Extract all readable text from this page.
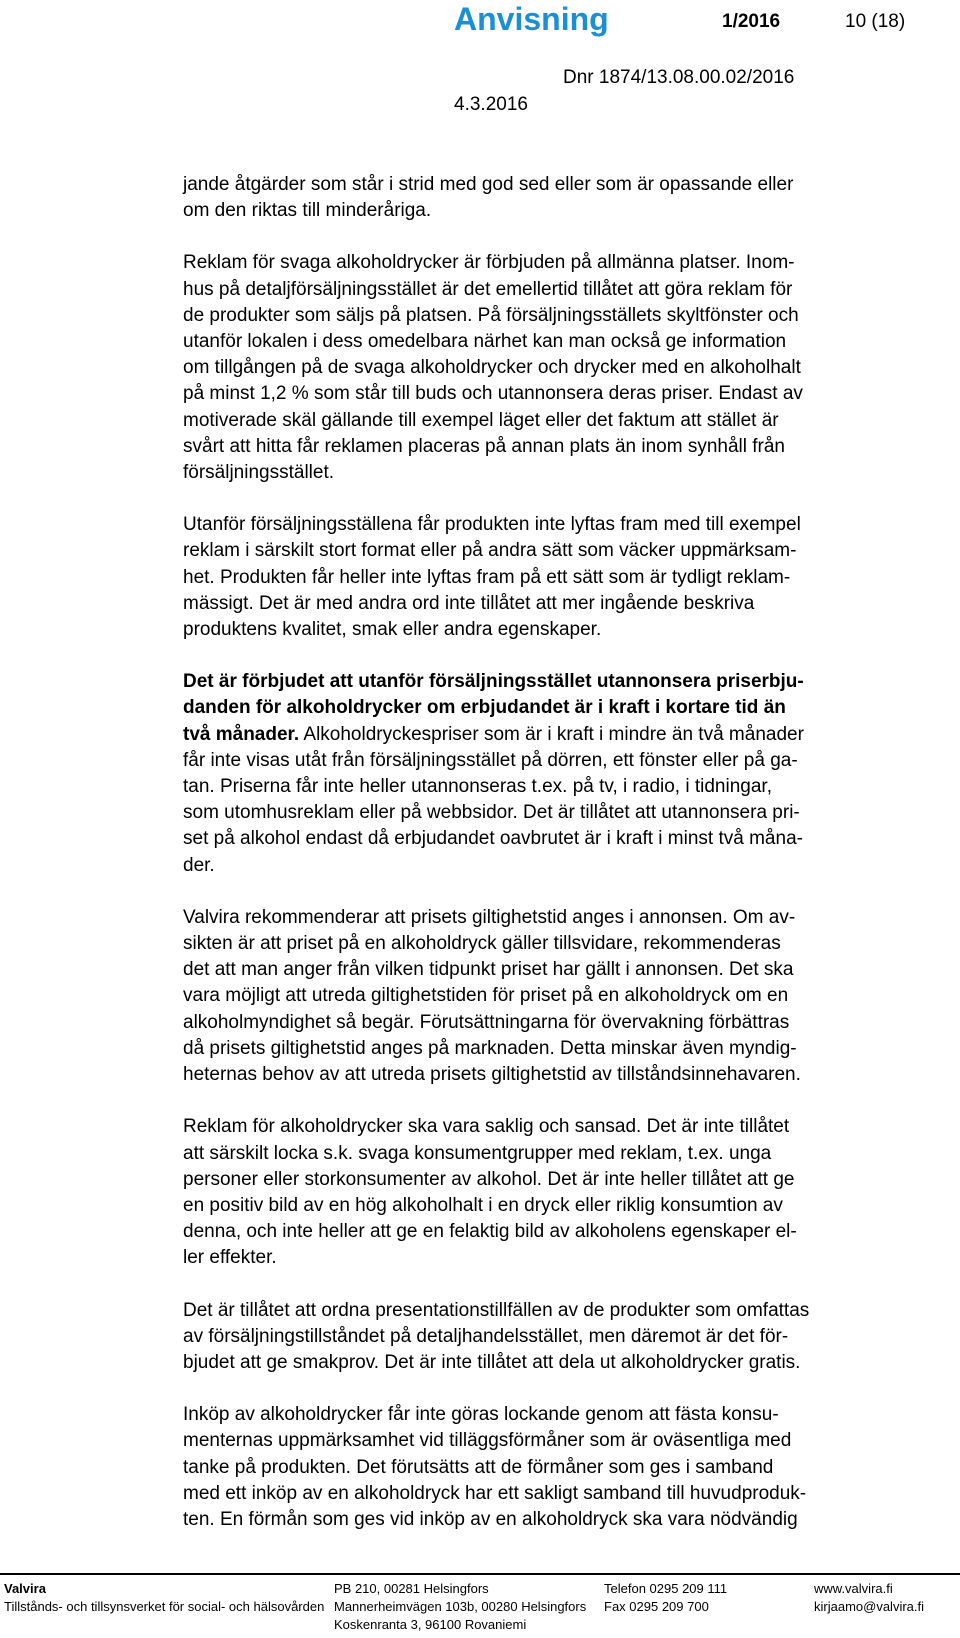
Anvisning	1/2016	10 (18)
Dnr 1874/13.08.00.02/2016
4.3.2016

jande åtgärder som står i strid med god sed eller som är opassande eller
om den riktas till minderåriga.

Reklam för svaga alkoholdrycker är förbjuden på allmänna platser. Inom-
hus på detaljförsäljningsstället är det emellertid tillåtet att göra reklam för
de produkter som säljs på platsen. På försäljningsställets skyltfönster och
utanför lokalen i dess omedelbara närhet kan man också ge information
om tillgången på de svaga alkoholdrycker och drycker med en alkoholhalt
på minst 1,2 % som står till buds och utannonsera deras priser. Endast av
motiverade skäl gällande till exempel läget eller det faktum att stället är
svårt att hitta får reklamen placeras på annan plats än inom synhåll från
försäljningsstället.

Utanför försäljningsställena får produkten inte lyftas fram med till exempel
reklam i särskilt stort format eller på andra sätt som väcker uppmärksam-
het. Produkten får heller inte lyftas fram på ett sätt som är tydligt reklam-
mässigt. Det är med andra ord inte tillåtet att mer ingående beskriva
produktens kvalitet, smak eller andra egenskaper.

Det är förbjudet att utanför försäljningsstället utannonsera priserbju-
danden för alkoholdrycker om erbjudandet är i kraft i kortare tid än
två månader. Alkoholdryckespriser som är i kraft i mindre än två månader
får inte visas utåt från försäljningsstället på dörren, ett fönster eller på ga-
tan. Priserna får inte heller utannonseras t.ex. på tv, i radio, i tidningar,
som utomhusreklam eller på webbsidor. Det är tillåtet att utannonsera pri-
set på alkohol endast då erbjudandet oavbrutet är i kraft i minst två måna-
der.

Valvira rekommenderar att prisets giltighetstid anges i annonsen. Om av-
sikten är att priset på en alkoholdryck gäller tillsvidare, rekommenderas
det att man anger från vilken tidpunkt priset har gällt i annonsen. Det ska
vara möjligt att utreda giltighetstiden för priset på en alkoholdryck om en
alkoholmyndighet så begär. Förutsättningarna för övervakning förbättras
då prisets giltighetstid anges på marknaden. Detta minskar även myndig-
heternas behov av att utreda prisets giltighetstid av tillståndsinnehavaren.

Reklam för alkoholdrycker ska vara saklig och sansad. Det är inte tillåtet
att särskilt locka s.k. svaga konsumentgrupper med reklam, t.ex. unga
personer eller storkonsumenter av alkohol. Det är inte heller tillåtet att ge
en positiv bild av en hög alkoholhalt i en dryck eller riklig konsumtion av
denna, och inte heller att ge en felaktig bild av alkoholens egenskaper el-
ler effekter.

Det är tillåtet att ordna presentationstillfällen av de produkter som omfattas
av försäljningstillståndet på detaljhandelsstället, men däremot är det för-
bjudet att ge smakprov. Det är inte tillåtet att dela ut alkoholdrycker gratis.

Inköp av alkoholdrycker får inte göras lockande genom att fästa konsu-
menternas uppmärksamhet vid tilläggsförmåner som är oväsentliga med
tanke på produkten. Det förutsätts att de förmåner som ges i samband
med ett inköp av en alkoholdryck har ett sakligt samband till huvudproduk-
ten. En förmån som ges vid inköp av en alkoholdryck ska vara nödvändig

Valvira
Tillstånds- och tillsynsverket för social- och hälsovården
PB 210, 00281 Helsingfors
Mannerheimvägen 103b, 00280 Helsingfors
Koskenranta 3, 96100 Rovaniemi
Telefon 0295 209 111
Fax 0295 209 700
www.valvira.fi
kirjaamo@valvira.fi
